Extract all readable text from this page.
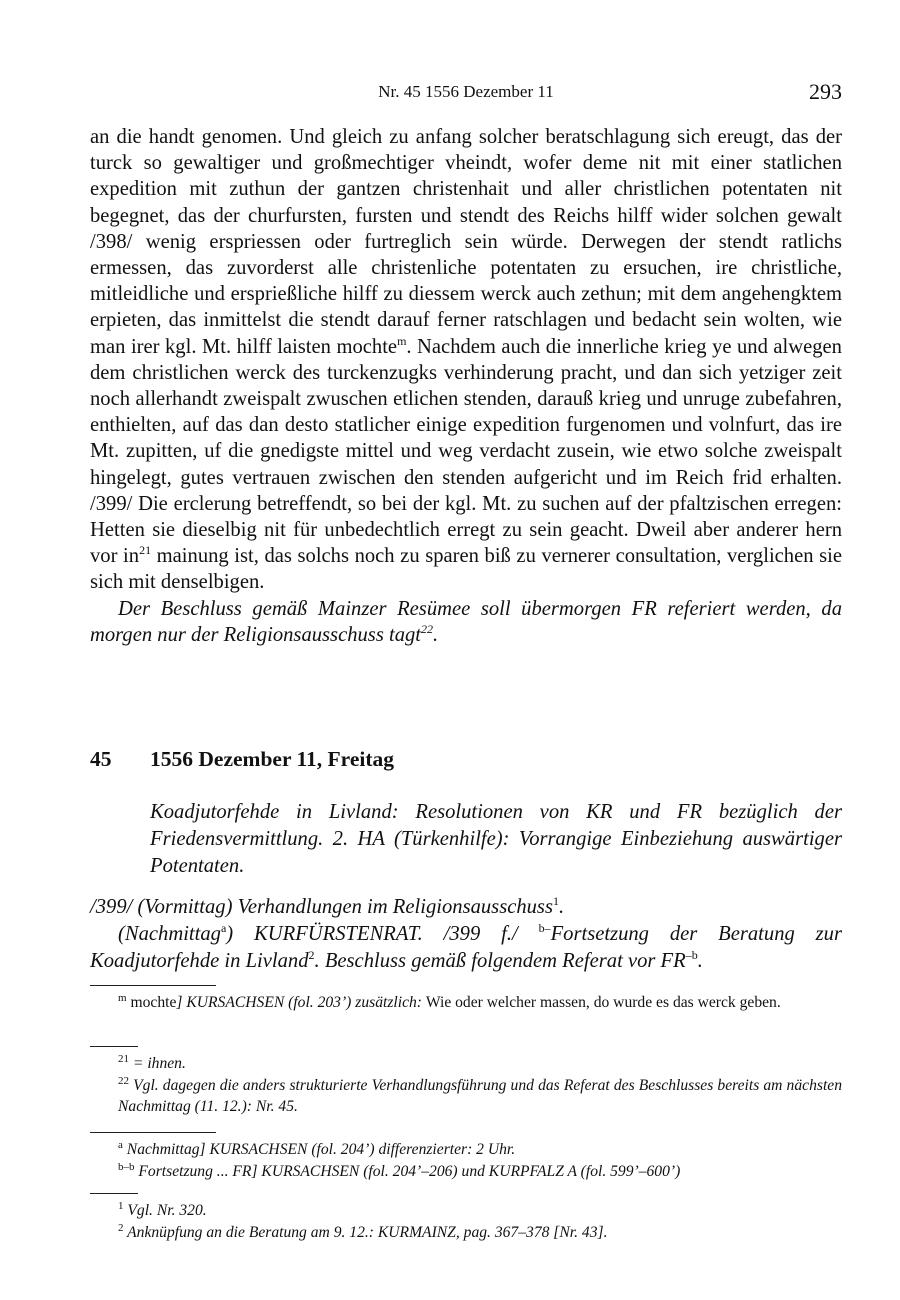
Nr. 45 1556 Dezember 11	293

an die handt genomen. Und gleich zu anfang solcher beratschlagung sich ereugt, das der turck so gewaltiger und großmechtiger vheindt, wofer deme nit mit einer statlichen expedition mit zuthun der gantzen christenhait und aller christlichen potentaten nit begegnet, das der churfursten, fursten und stendt des Reichs hilff wider solchen gewalt /398/ wenig erspriessen oder furtreglich sein würde. Derwegen der stendt ratlichs ermessen, das zuvorderst alle christenliche potentaten zu ersuchen, ire christliche, mitleidliche und ersprießliche hilff zu diessem werck auch zethun; mit dem angehengktem erpieten, das inmittelst die stendt darauf ferner ratschlagen und bedacht sein wolten, wie man irer kgl. Mt. hilff laisten mochte$^m$. Nachdem auch die innerliche krieg ye und alwegen dem christlichen werck des turckenzugks verhinderung pracht, und dan sich yetziger zeit noch allerhandt zweispalt zwuschen etlichen stenden, darauß krieg und unruge zubefahren, enthielten, auf das dan desto statlicher einige expedition furgenomen und volnfurt, das ire Mt. zupitten, uf die gnedigste mittel und weg verdacht zusein, wie etwo solche zweispalt hingelegt, gutes vertrauen zwischen den stenden aufgericht und im Reich frid erhalten. /399/ Die erclerung betreffendt, so bei der kgl. Mt. zu suchen auf der pfaltzischen erregen: Hetten sie dieselbig nit für unbedechtlich erregt zu sein geacht. Dweil aber anderer hern vor $in^{21}$ mainung ist, das solchs noch zu sparen biß zu vernerer consultation, verglichen sie sich mit denselbigen.

Der Beschluss gemäß Mainzer Resümee soll übermorgen FR referiert werden, da morgen nur der Religionsausschuss tagt$^{22}$.

45 1556 Dezember 11, Freitag

Koadjutorfehde in Livland: Resolutionen von KR und FR bezüglich der Friedensvermittlung. 2. HA (Türkenhilfe): Vorrangige Einbeziehung auswärtiger Potentaten.

/399/ (Vormittag) Verhandlungen im Religionsausschuss$^1$.

(Nachmittag$^a$) KURFÜRSTENRAT. /399 f./ $^{b-}$Fortsetzung der Beratung zur Koadjutorfehde in Livland$^2$. Beschluss gemäß folgendem Referat vor $FR^{-b}$.

$^m$ mochte] KURSACHSEN (fol. 203’) zusätzlich: Wie oder welcher massen, do wurde es das werck geben.

$^{21}$ = ihnen.

$^{22}$ Vgl. dagegen die anders strukturierte Verhandlungsführung und das Referat des Beschlusses bereits am nächsten Nachmittag (11. 12.): Nr. 45.

$^a$ Nachmittag] KURSACHSEN (fol. 204’) differenzierter: 2 Uhr.

$^{b-b}$ Fortsetzung ... FR] KURSACHSEN (fol. 204’–206) und KURPFALZ A (fol. 599’–600’)

$^1$ Vgl. Nr. 320.

$^2$ Anknüpfung an die Beratung am 9. 12.: KURMAINZ, pag. 367–378 [Nr. 43].
